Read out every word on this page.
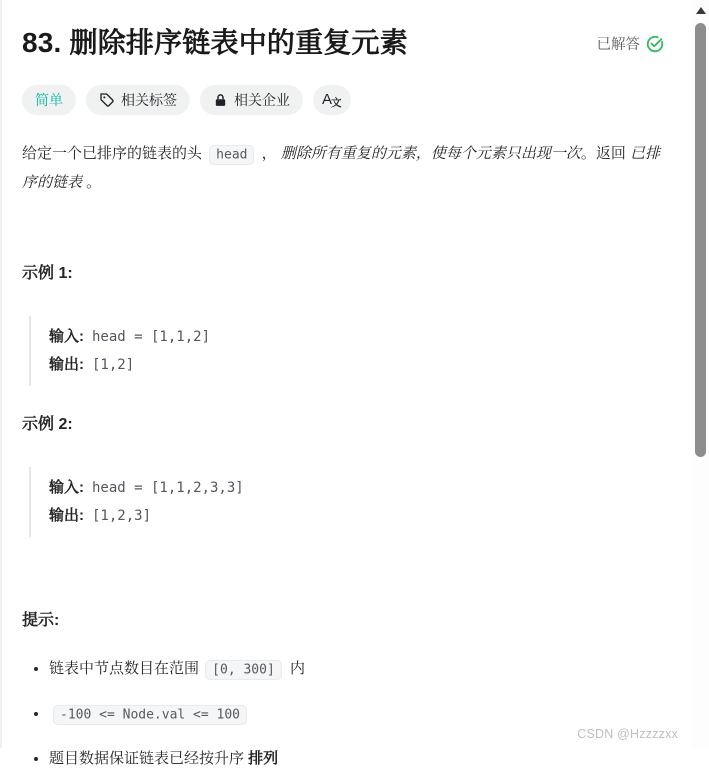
83. 删除排序链表中的重复元素	已解答
简单	相关标签	相关企业 A 文

给定一个已排序的链表的头 head ， 删除所有重复的元素，使每个元素只出现一次。返回 已排序的链表 。

示例 1:
输入: head = [1,1,2]
输出: [1,2]
示例 2:
输入: head = [1,1,2,3,3]
输出: [1,2,3]
提示:
• 链表中节点数目在范围 [0, 300] 内
• -100 <= Node.val <= 100
• 题目数据保证链表已经按升序 排列
CSDN @Hzzzzxx
